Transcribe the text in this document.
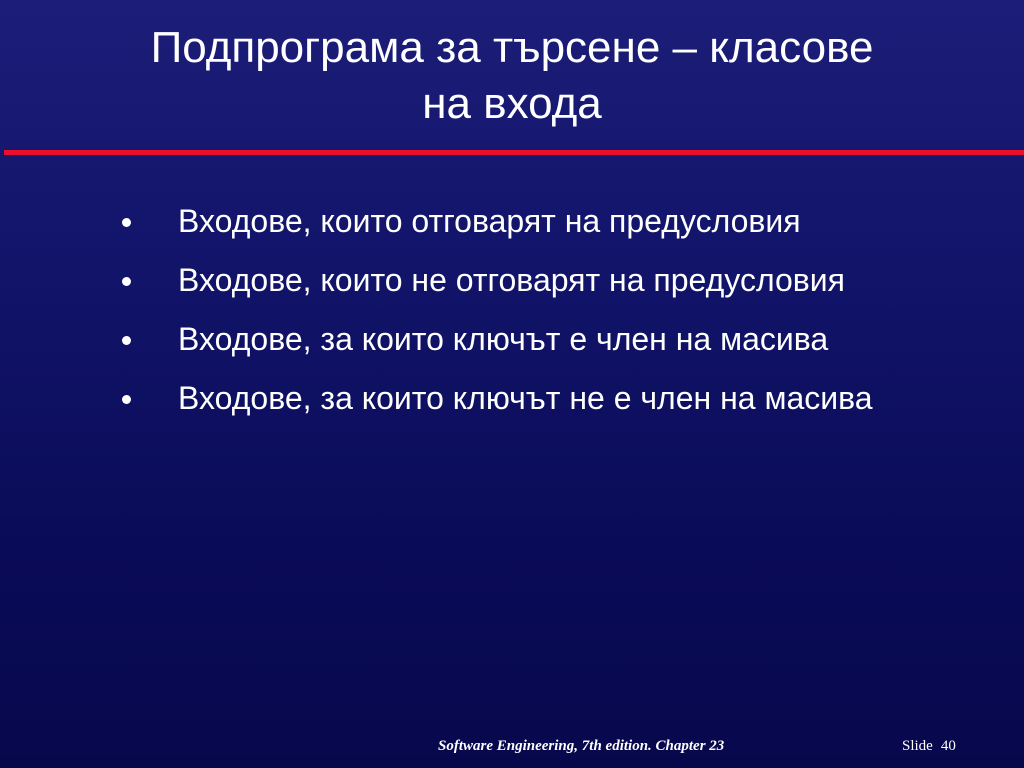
Подпрограма за търсене – класове
на входа
Входове, които отговарят на предусловия
Входове, които не отговарят на предусловия
Входове, за които ключът е член на масива
Входове, за които ключът не е член на масива
Software Engineering, 7th edition. Chapter 23	Slide 40
